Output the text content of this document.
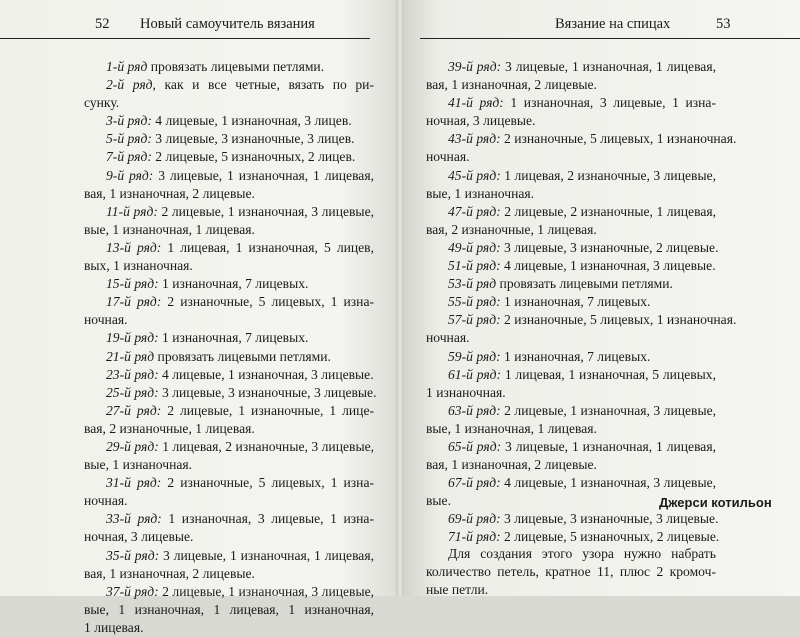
52 Новый самоучитель вязания
1-й ряд провязать лицевыми петлями.
2-й ряд, как и все четные, вязать по ри-
сунку.
3-й ряд: 4 лицевые, 1 изнаночная, 3 лицев.
5-й ряд: 3 лицевые, 3 изнаночные, 3 лицев.
7-й ряд: 2 лицевые, 5 изнаночных, 2 лицев.
9-й ряд: 3 лицевые, 1 изнаночная, 1 лицевая,
вая, 1 изнаночная, 2 лицевые.
11-й ряд: 2 лицевые, 1 изнаночная, 3 лицевые,
вые, 1 изнаночная, 1 лицевая.
13-й ряд: 1 лицевая, 1 изнаночная, 5 лицев,
вых, 1 изнаночная.
15-й ряд: 1 изнаночная, 7 лицевых.
17-й ряд: 2 изнаночные, 5 лицевых, 1 изна-
ночная.
19-й ряд: 1 изнаночная, 7 лицевых.
21-й ряд провязать лицевыми петлями.
23-й ряд: 4 лицевые, 1 изнаночная, 3 лицевые.
25-й ряд: 3 лицевые, 3 изнаночные, 3 лицевые.
27-й ряд: 2 лицевые, 1 изнаночные, 1 лице-
вая, 2 изнаночные, 1 лицевая.
29-й ряд: 1 лицевая, 2 изнаночные, 3 лицевые,
вые, 1 изнаночная.
31-й ряд: 2 изнаночные, 5 лицевых, 1 изна-
ночная.
33-й ряд: 1 изнаночная, 3 лицевые, 1 изна-
ночная, 3 лицевые.
35-й ряд: 3 лицевые, 1 изнаночная, 1 лицевая,
вая, 1 изнаночная, 2 лицевые.
37-й ряд: 2 лицевые, 1 изнаночная, 3 лицевые,
вые, 1 изнаночная, 1 лицевая, 1 изнаночная,
1 лицевая.
Вязание на спицах	53
39-й ряд: 3 лицевые, 1 изнаночная, 1 лицевая,
вая, 1 изнаночная, 2 лицевые.
41-й ряд: 1 изнаночная, 3 лицевые, 1 изна-
ночная, 3 лицевые.
43-й ряд: 2 изнаночные, 5 лицевых, 1 изнаночная.
ночная.
45-й ряд: 1 лицевая, 2 изнаночные, 3 лицевые,
вые, 1 изнаночная.
47-й ряд: 2 лицевые, 2 изнаночные, 1 лицевая,
вая, 2 изнаночные, 1 лицевая.
49-й ряд: 3 лицевые, 3 изнаночные, 2 лицевые.
51-й ряд: 4 лицевые, 1 изнаночная, 3 лицевые.
53-й ряд провязать лицевыми петлями.
55-й ряд: 1 изнаночная, 7 лицевых.
57-й ряд: 2 изнаночные, 5 лицевых, 1 изнаночная.
ночная.
59-й ряд: 1 изнаночная, 7 лицевых.
61-й ряд: 1 лицевая, 1 изнаночная, 5 лицевых,
1 изнаночная.
63-й ряд: 2 лицевые, 1 изнаночная, 3 лицевые,
вые, 1 изнаночная, 1 лицевая.
65-й ряд: 3 лицевые, 1 изнаночная, 1 лицевая,
вая, 1 изнаночная, 2 лицевые.
67-й ряд: 4 лицевые, 1 изнаночная, 3 лицевые,
вые.
69-й ряд: 3 лицевые, 3 изнаночные, 3 лицевые.
71-й ряд: 2 лицевые, 5 изнаночных, 2 лицевые.
Джерси котильон
Для создания этого узора нужно набрать
количество петель, кратное 11, плюс 2 кромоч-
ные петли.
